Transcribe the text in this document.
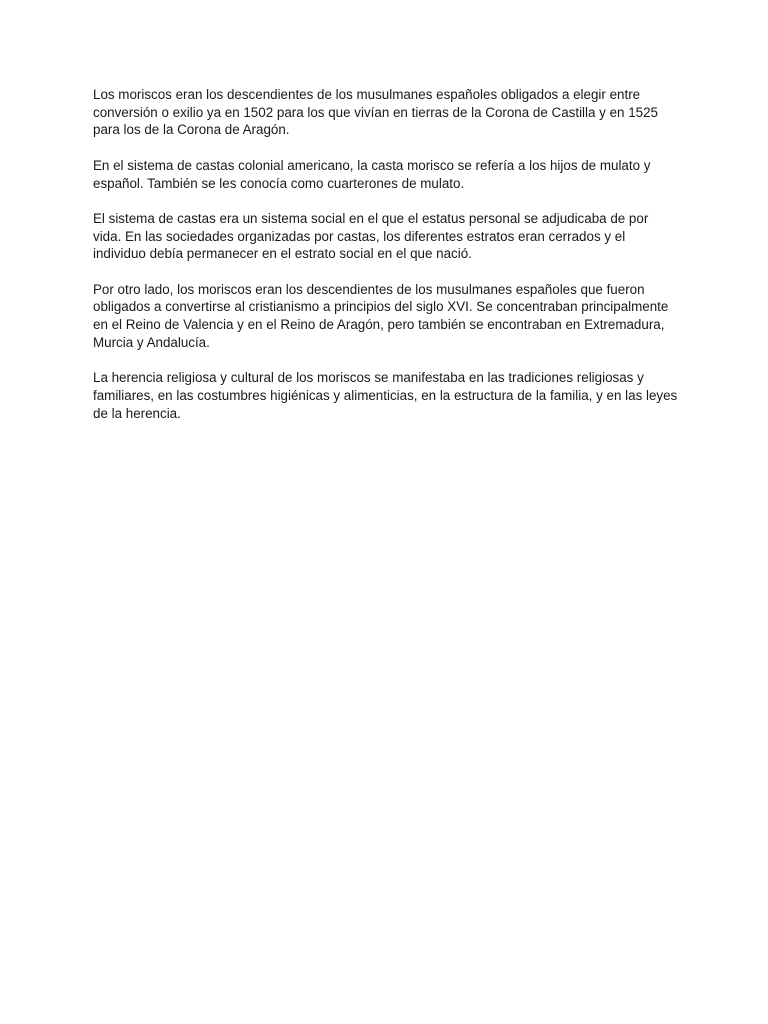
Los moriscos eran los descendientes de los musulmanes españoles obligados a elegir entre conversión o exilio ya en 1502 para los que vivían en tierras de la Corona de Castilla y en 1525 para los de la Corona de Aragón.

En el sistema de castas colonial americano, la casta morisco se refería a los hijos de mulato y español. También se les conocía como cuarterones de mulato.

El sistema de castas era un sistema social en el que el estatus personal se adjudicaba de por vida. En las sociedades organizadas por castas, los diferentes estratos eran cerrados y el individuo debía permanecer en el estrato social en el que nació.

Por otro lado, los moriscos eran los descendientes de los musulmanes españoles que fueron obligados a convertirse al cristianismo a principios del siglo XVI. Se concentraban principalmente en el Reino de Valencia y en el Reino de Aragón, pero también se encontraban en Extremadura, Murcia y Andalucía.

La herencia religiosa y cultural de los moriscos se manifestaba en las tradiciones religiosas y familiares, en las costumbres higiénicas y alimenticias, en la estructura de la familia, y en las leyes de la herencia.
